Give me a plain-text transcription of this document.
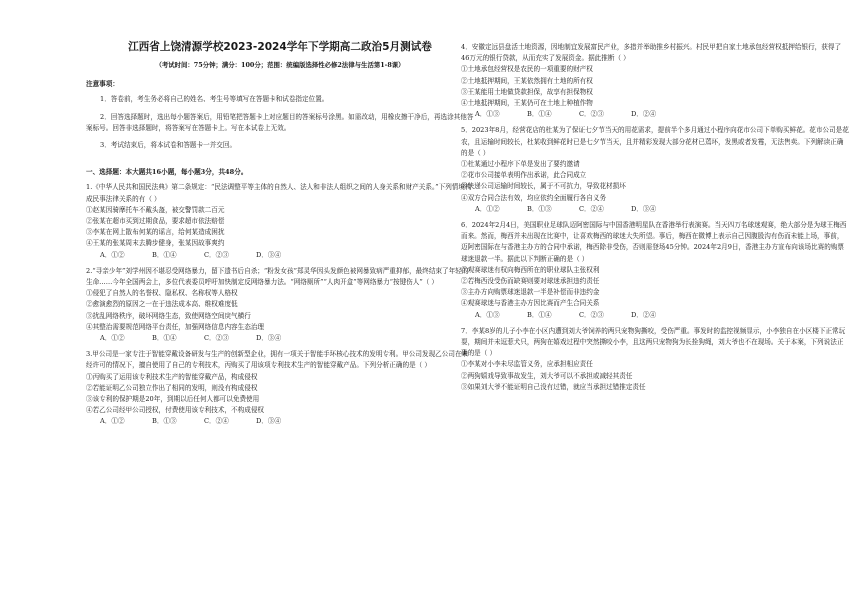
江西省上饶清源学校2023-2024学年下学期高二政治5月测试卷
（考试时间：75分钟；满分：100分；范围：统编版选择性必修2法律与生活第1-8课）

注意事项：

1．答卷前，考生务必将自己的姓名、考生号等填写在答题卡和试卷指定位置。

2．回答选择题时，选出每小题答案后，用铅笔把答题卡上对应题目的答案标号涂黑。如需改动，用橡皮擦干净后，再选涂其他答案标号。回答非选择题时，将答案写在答题卡上。写在本试卷上无效。

3．考试结束后，将本试卷和答题卡一并交回。

一、选择题：本大题共16小题，每小题3分，共48分。

1.《中华人民共和国民法典》第二条规定：“民法调整平等主体的自然人、法人和非法人组织之间的人身关系和财产关系。”下列情境构成民事法律关系的有（ ）

①赵某因骑摩托车不戴头盔，被交警罚款二百元

②张某在超市买到过期食品，要求超市依法赔偿

③李某在网上散布何某的谣言，给何某造成困扰

④王某的张某周末去腾步健身，张某因故事爽约

A．①②	B．①④	C．②③	D．③④

2.“寻亲少年”刘学州因不堪忍受网络暴力，留下遗书后自杀；“粉发女孩”郑灵华因头发颜色被网暴致病严重抑郁，最终结束了年轻的生命……今年全国两会上，多位代表委员呼吁加快制定反网络暴力法。“网络厕所”“人肉开盒”等网络暴力“按键伤人”（ ）

①侵犯了自然人的名誉权、隐私权、名称权等人格权

②愈演愈烈的原因之一在于违法成本高、维权难度低

③扰乱网络秩序，破坏网络生态，致使网络空间戾气横行

④其整治需要规范网络平台责任，加强网络信息内容生态治理

A．①②	B．①④	C．②③	D．③④

3.甲公司是一家专注于智能穿戴设备研发与生产的创新型企业，拥有一项关于智能手环核心技术的发明专利。甲公司发现乙公司在未经许可的情况下，擅自使用了自己的专利技术，丙购买了用该项专利技术生产的智能穿戴产品。下列分析正确的是（ ）

①丙购买了运用该专利技术生产的智能穿戴产品，构成侵权

②若能证明乙公司独立作出了相同的发明，则没有构成侵权

③该专利的保护期是20年，到期以后任何人都可以免费使用

④若乙公司经甲公司授权，付费使用该专利技术，不构成侵权

A．①②	B．①③	C．②④	D．③④

4．安徽定远县盘活土地资源，因地制宜发展富民产业，多措并举助推乡村振兴。村民甲把自家土地承包经营权抵押给银行，获得了46万元的银行贷款，从而充实了发展资金。据此推断（ ）

①土地承包经营权是农民的一项重要的财产权

②土地抵押期间，王某依然拥有土地的所有权

③王某能用土地做贷款担保，故享有担保物权

④土地抵押期间，王某仍可在土地上种植作物

A．①③	B．①④	C．②③	D．②④

5．2023年8月，经营花店的杜某为了保证七夕节当天的用花需求，提前半个多月通过小程序向花市公司下单购买鲜花。花市公司是花农，且运输时间较长，杜某收到鲜花时已是七夕节当天，且并精彩发现大部分花材已蔫坏，发黑或者发霉，无法售卖。下列解读正确的是（ ）

①杜某通过小程序下单是发出了要约邀请

②花市公司接单表明作出承诺，此合同成立

③快递公司运输时间较长，属于不可抗力，导致花材损坏

④双方合同合法有效，均应依约全面履行各自义务

A．①②	B．①③	C．②④	D．③④

6．2024年2月4日，美国职业足球队迈阿密国际与中国香港明星队在香港举行表演赛。当天四万名球迷观赛，绝大部分是为球王梅西而来。然而，梅西并未出现在比赛中，让喜欢梅西的球迷大失所望。事后，梅西在微博上表示自己因腹股沟有伤而未能上场，事前，迈阿密国际在与香港主办方的合同中承诺，梅西除非受伤，否则需登场45分钟。2024年2月9日，香港主办方宣布向该场比赛的购票球迷退款一半。据此以下判断正确的是（ ）

①观赛球迷有权向梅西所在的职业球队主张权利

②若梅西没受伤而缺赛则要对球迷承担违约责任

③主办方向购票球迷退款一半是补偿而非违约金

④观赛球迷与香港主办方因比赛而产生合同关系

A．①③	B．①④	C．②③	D．②④

7．李某8岁的儿子小李在小区内遭到刘大爷饲养的两只宠物狗撕咬，受伤严重。事发时的监控视频显示，小李独自在小区楼下正常玩耍，期间并未逗惹犬只，两狗在嬉戏过程中突然撕咬小李，且这两只宠物狗为长拴狗绳，刘大爷也不在现场。关于本案，下列说法正确的是（ ）

①李某对小李未尽监管义务，应承担相应责任

②两狗嬉戏导致事故发生，刘大爷可以不承担或减轻其责任

③如果刘大爷不能证明自己没有过错，就应当承担过错推定责任
